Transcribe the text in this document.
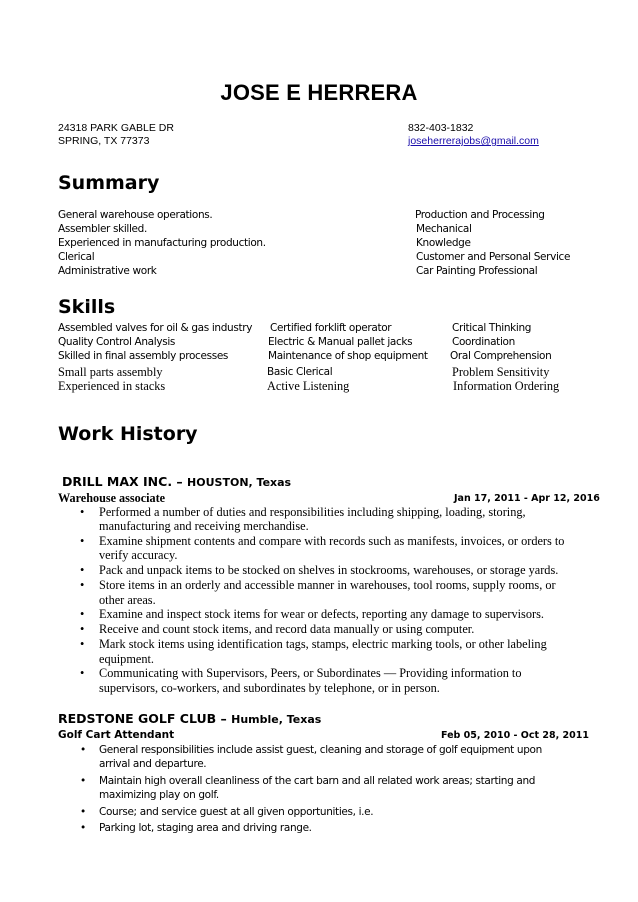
JOSE E HERRERA
24318 PARK GABLE DR
SPRING, TX 77373
832-403-1832
joseherrerajobs@gmail.com
Summary
General warehouse operations.
Assembler skilled.
Experienced in manufacturing production.
Clerical
Administrative work
Production and Processing
Mechanical
Knowledge
Customer and Personal Service
Car Painting Professional
Skills
Assembled valves for oil & gas industry
Quality Control Analysis
Skilled in final assembly processes
Small parts assembly
Experienced in stacks
Certified forklift operator
Electric & Manual pallet jacks
Maintenance of shop equipment
Basic Clerical
Active Listening
Critical Thinking
Coordination
Oral Comprehension
Problem Sensitivity
Information Ordering
Work History
DRILL MAX INC. – HOUSTON, Texas
Warehouse associate	Jan 17, 2011 - Apr 12, 2016
• Performed a number of duties and responsibilities including shipping, loading, storing, manufacturing and receiving merchandise.
• Examine shipment contents and compare with records such as manifests, invoices, or orders to verify accuracy.
• Pack and unpack items to be stocked on shelves in stockrooms, warehouses, or storage yards.
• Store items in an orderly and accessible manner in warehouses, tool rooms, supply rooms, or other areas.
• Examine and inspect stock items for wear or defects, reporting any damage to supervisors.
• Receive and count stock items, and record data manually or using computer.
• Mark stock items using identification tags, stamps, electric marking tools, or other labeling equipment.
• Communicating with Supervisors, Peers, or Subordinates — Providing information to supervisors, co-workers, and subordinates by telephone, or in person.
REDSTONE GOLF CLUB – Humble, Texas
Golf Cart Attendant	Feb 05, 2010 - Oct 28, 2011
• General responsibilities include assist guest, cleaning and storage of golf equipment upon arrival and departure.
• Maintain high overall cleanliness of the cart barn and all related work areas; starting and maximizing play on golf.
• Course; and service guest at all given opportunities, i.e.
• Parking lot, staging area and driving range.
